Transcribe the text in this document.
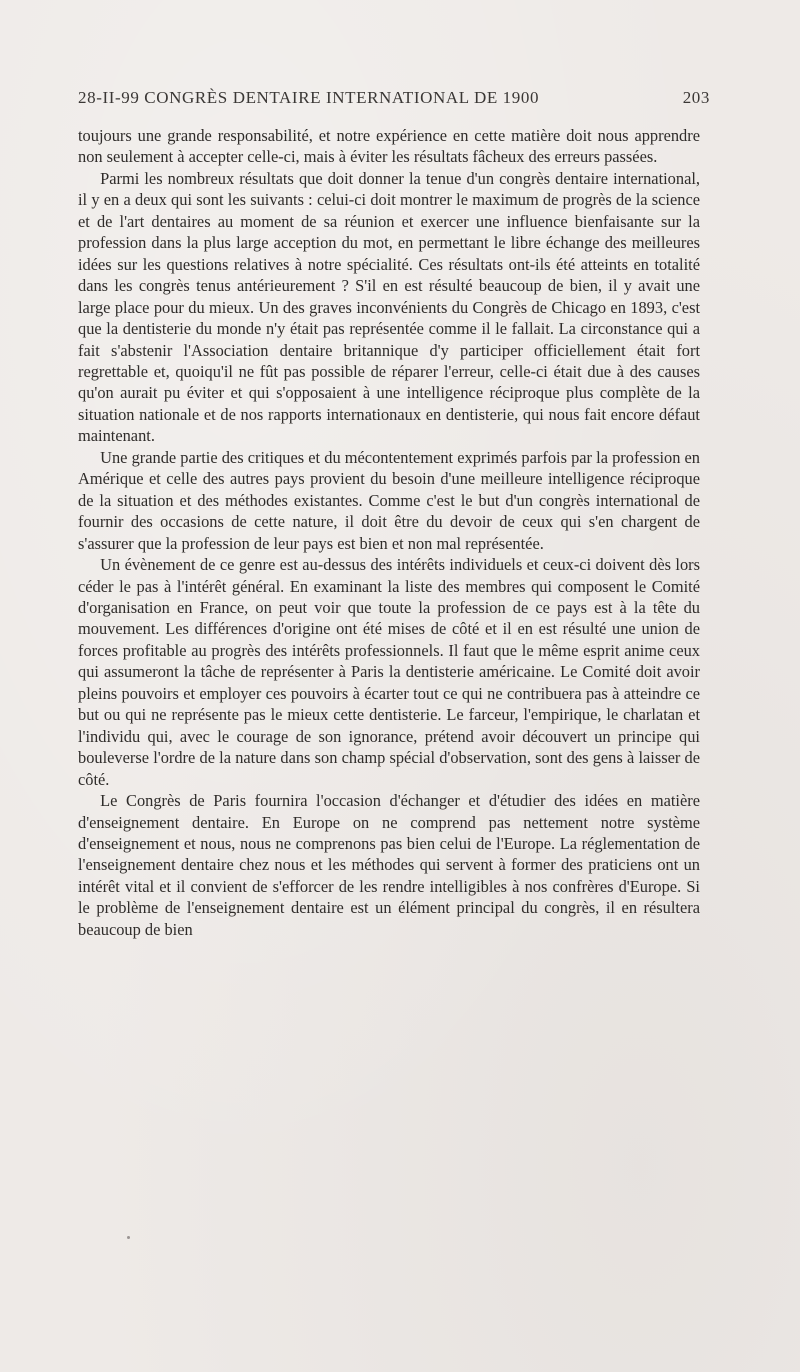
28-II-99 CONGRÈS DENTAIRE INTERNATIONAL DE 1900	203

toujours une grande responsabilité, et notre expérience en cette matière doit nous apprendre non seulement à accepter celle-ci, mais à éviter les résultats fâcheux des erreurs passées.

Parmi les nombreux résultats que doit donner la tenue d'un congrès dentaire international, il y en a deux qui sont les suivants : celui-ci doit montrer le maximum de progrès de la science et de l'art dentaires au moment de sa réunion et exercer une influence bienfaisante sur la profession dans la plus large acception du mot, en permettant le libre échange des meilleures idées sur les questions relatives à notre spécialité. Ces résultats ont-ils été atteints en totalité dans les congrès tenus antérieurement ? S'il en est résulté beaucoup de bien, il y avait une large place pour du mieux. Un des graves inconvénients du Congrès de Chicago en 1893, c'est que la dentisterie du monde n'y était pas représentée comme il le fallait. La circonstance qui a fait s'abstenir l'Association dentaire britannique d'y participer officiellement était fort regrettable et, quoiqu'il ne fût pas possible de réparer l'erreur, celle-ci était due à des causes qu'on aurait pu éviter et qui s'opposaient à une intelligence réciproque plus complète de la situation nationale et de nos rapports internationaux en dentisterie, qui nous fait encore défaut maintenant.

Une grande partie des critiques et du mécontentement exprimés parfois par la profession en Amérique et celle des autres pays provient du besoin d'une meilleure intelligence réciproque de la situation et des méthodes existantes. Comme c'est le but d'un congrès international de fournir des occasions de cette nature, il doit être du devoir de ceux qui s'en chargent de s'assurer que la profession de leur pays est bien et non mal représentée.

Un évènement de ce genre est au-dessus des intérêts individuels et ceux-ci doivent dès lors céder le pas à l'intérêt général. En examinant la liste des membres qui composent le Comité d'organisation en France, on peut voir que toute la profession de ce pays est à la tête du mouvement. Les différences d'origine ont été mises de côté et il en est résulté une union de forces profitable au progrès des intérêts professionnels. Il faut que le même esprit anime ceux qui assumeront la tâche de représenter à Paris la dentisterie américaine. Le Comité doit avoir pleins pouvoirs et employer ces pouvoirs à écarter tout ce qui ne contribuera pas à atteindre ce but ou qui ne représente pas le mieux cette dentisterie. Le farceur, l'empirique, le charlatan et l'individu qui, avec le courage de son ignorance, prétend avoir découvert un principe qui bouleverse l'ordre de la nature dans son champ spécial d'observation, sont des gens à laisser de côté.

Le Congrès de Paris fournira l'occasion d'échanger et d'étudier des idées en matière d'enseignement dentaire. En Europe on ne comprend pas nettement notre système d'enseignement et nous, nous ne comprenons pas bien celui de l'Europe. La réglementation de l'enseignement dentaire chez nous et les méthodes qui servent à former des praticiens ont un intérêt vital et il convient de s'efforcer de les rendre intelligibles à nos confrères d'Europe. Si le problème de l'enseignement dentaire est un élément principal du congrès, il en résultera beaucoup de bien
